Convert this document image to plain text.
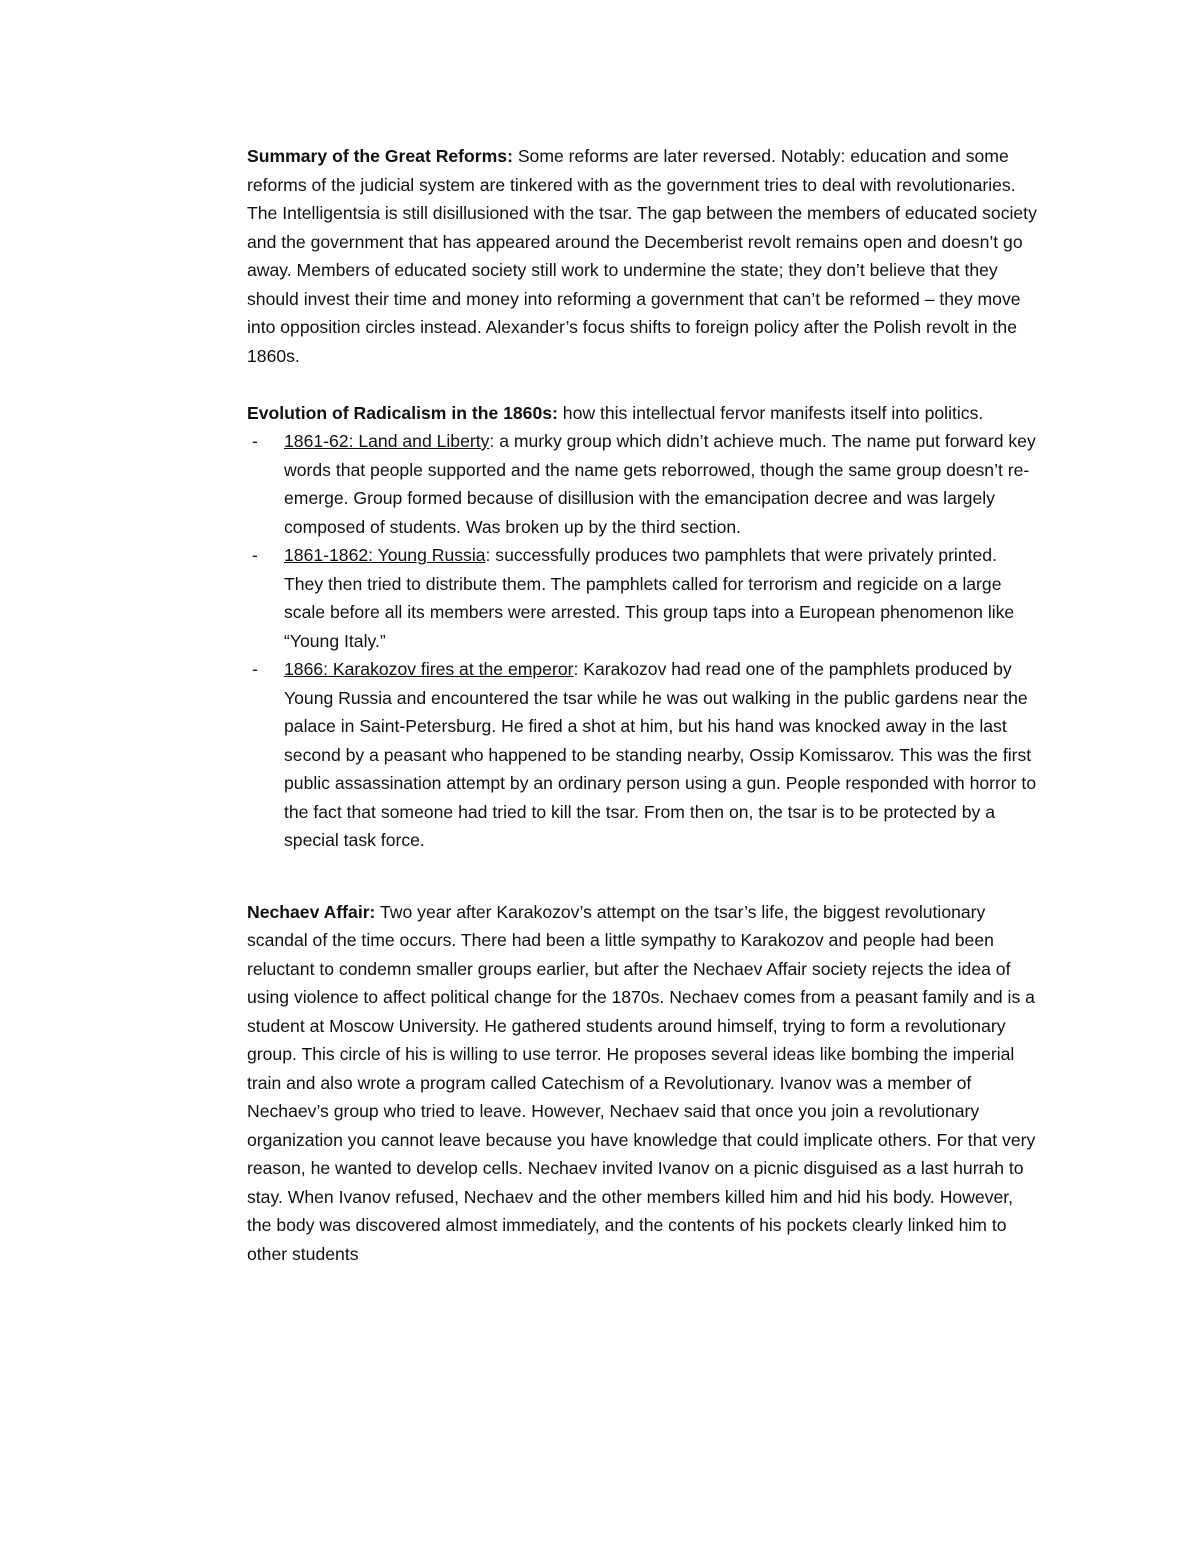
Summary of the Great Reforms: Some reforms are later reversed. Notably: education and some reforms of the judicial system are tinkered with as the government tries to deal with revolutionaries. The Intelligentsia is still disillusioned with the tsar. The gap between the members of educated society and the government that has appeared around the Decemberist revolt remains open and doesn’t go away. Members of educated society still work to undermine the state; they don’t believe that they should invest their time and money into reforming a government that can’t be reformed – they move into opposition circles instead. Alexander’s focus shifts to foreign policy after the Polish revolt in the 1860s.

Evolution of Radicalism in the 1860s: how this intellectual fervor manifests itself into politics.

- 1861-62: Land and Liberty: a murky group which didn’t achieve much. The name put forward key words that people supported and the name gets reborrowed, though the same group doesn’t re-emerge. Group formed because of disillusion with the emancipation decree and was largely composed of students. Was broken up by the third section.
- 1861-1862: Young Russia: successfully produces two pamphlets that were privately printed. They then tried to distribute them. The pamphlets called for terrorism and regicide on a large scale before all its members were arrested. This group taps into a European phenomenon like “Young Italy.”
- 1866: Karakozov fires at the emperor: Karakozov had read one of the pamphlets produced by Young Russia and encountered the tsar while he was out walking in the public gardens near the palace in Saint-Petersburg. He fired a shot at him, but his hand was knocked away in the last second by a peasant who happened to be standing nearby, Ossip Komissarov. This was the first public assassination attempt by an ordinary person using a gun. People responded with horror to the fact that someone had tried to kill the tsar. From then on, the tsar is to be protected by a special task force.

Nechaev Affair: Two year after Karakozov’s attempt on the tsar’s life, the biggest revolutionary scandal of the time occurs. There had been a little sympathy to Karakozov and people had been reluctant to condemn smaller groups earlier, but after the Nechaev Affair society rejects the idea of using violence to affect political change for the 1870s. Nechaev comes from a peasant family and is a student at Moscow University. He gathered students around himself, trying to form a revolutionary group. This circle of his is willing to use terror. He proposes several ideas like bombing the imperial train and also wrote a program called Catechism of a Revolutionary. Ivanov was a member of Nechaev’s group who tried to leave. However, Nechaev said that once you join a revolutionary organization you cannot leave because you have knowledge that could implicate others. For that very reason, he wanted to develop cells. Nechaev invited Ivanov on a picnic disguised as a last hurrah to stay. When Ivanov refused, Nechaev and the other members killed him and hid his body. However, the body was discovered almost immediately, and the contents of his pockets clearly linked him to other students
